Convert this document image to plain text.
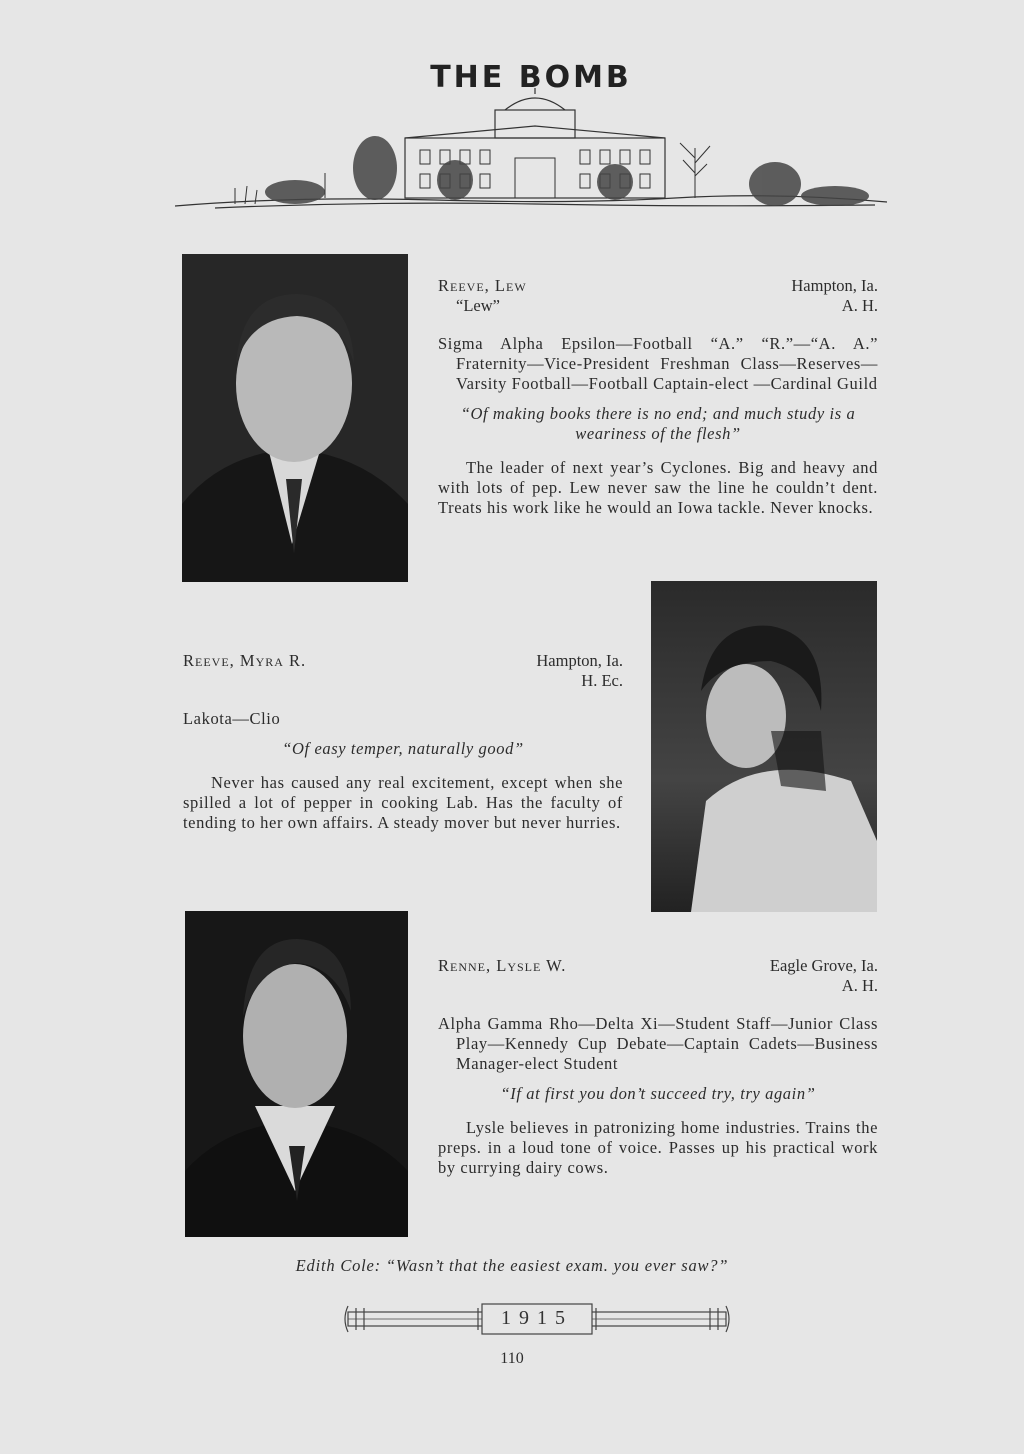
THE BOMB
Reeve, Lew	Hampton, Ia.
“Lew”	A. H.
Sigma Alpha Epsilon—Football “A.” “R.”—“A. A.” Fraternity—Vice-President Freshman Class—Reserves—Varsity Football—Football Captain-elect —Cardinal Guild
“Of making books there is no end; and much study is a weariness of the flesh”
The leader of next year’s Cyclones. Big and heavy and with lots of pep. Lew never saw the line he couldn’t dent. Treats his work like he would an Iowa tackle. Never knocks.
Reeve, Myra R.	Hampton, Ia.
H. Ec.
Lakota—Clio
“Of easy temper, naturally good”
Never has caused any real excitement, except when she spilled a lot of pepper in cooking Lab. Has the faculty of tending to her own affairs. A steady mover but never hurries.
Renne, Lysle W.	Eagle Grove, Ia.
A. H.
Alpha Gamma Rho—Delta Xi—Student Staff—Junior Class Play—Kennedy Cup Debate—Captain Cadets—Business Manager-elect Student
“If at first you don’t succeed try, try again”
Lysle believes in patronizing home industries. Trains the preps. in a loud tone of voice. Passes up his practical work by currying dairy cows.
Edith Cole: “Wasn’t that the easiest exam. you ever saw?”
1915
110
